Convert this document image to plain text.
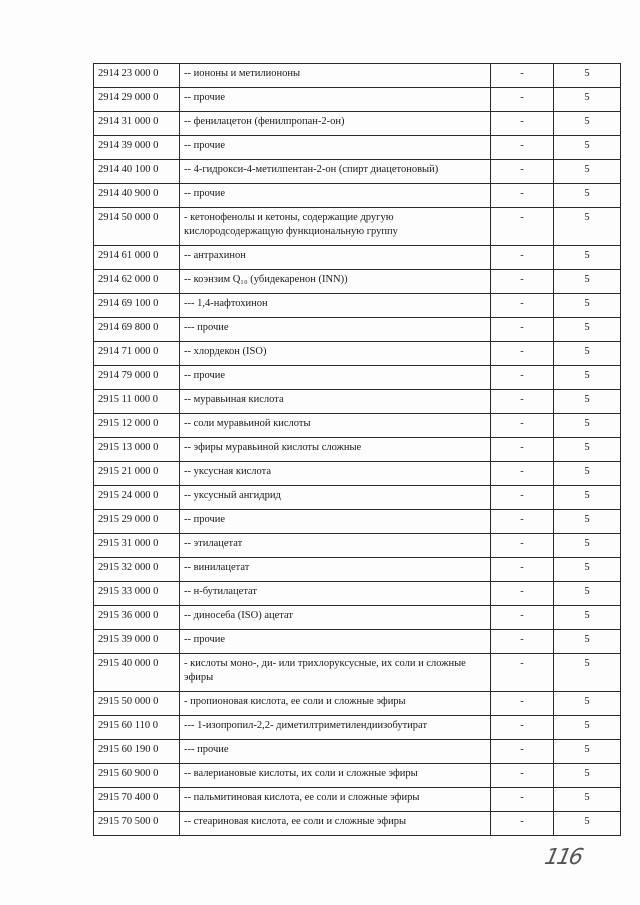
2914 23 000 0	-- иононы и метилиононы	-	5
2914 29 000 0	-- прочие	-	5
2914 31 000 0	-- фенилацетон (фенилпропан-2-он)	-	5
2914 39 000 0	-- прочие	-	5
2914 40 100 0	-- 4-гидрокси-4-метилпентан-2-он (спирт диацетоновый)	-	5
2914 40 900 0	-- прочие	-	5
2914 50 000 0	- кетонофенолы и кетоны, содержащие другую кислородсодержащую функциональную группу	-	5
2914 61 000 0	-- антрахинон	-	5
2914 62 000 0	-- коэнзим Q₁₀ (убидекаренон (INN))	-	5
2914 69 100 0	--- 1,4-нафтохинон	-	5
2914 69 800 0	--- прочие	-	5
2914 71 000 0	-- хлордекон (ISO)	-	5
2914 79 000 0	-- прочие	-	5
2915 11 000 0	-- муравьиная кислота	-	5
2915 12 000 0	-- соли муравьиной кислоты	-	5
2915 13 000 0	-- эфиры муравьиной кислоты сложные	-	5
2915 21 000 0	-- уксусная кислота	-	5
2915 24 000 0	-- уксусный ангидрид	-	5
2915 29 000 0	-- прочие	-	5
2915 31 000 0	-- этилацетат	-	5
2915 32 000 0	-- винилацетат	-	5
2915 33 000 0	-- н-бутилацетат	-	5
2915 36 000 0	-- диносеба (ISO) ацетат	-	5
2915 39 000 0	-- прочие	-	5
2915 40 000 0	- кислоты моно-, ди- или трихлоруксусные, их соли и сложные эфиры	-	5
2915 50 000 0	- пропионовая кислота, ее соли и сложные эфиры	-	5
2915 60 110 0	--- 1-изопропил-2,2- диметилтриметилендиизобутират	-	5
2915 60 190 0	--- прочие	-	5
2915 60 900 0	-- валериановые кислоты, их соли и сложные эфиры	-	5
2915 70 400 0	-- пальмитиновая кислота, ее соли и сложные эфиры	-	5
2915 70 500 0	-- стеариновая кислота, ее соли и сложные эфиры	-	5
116
